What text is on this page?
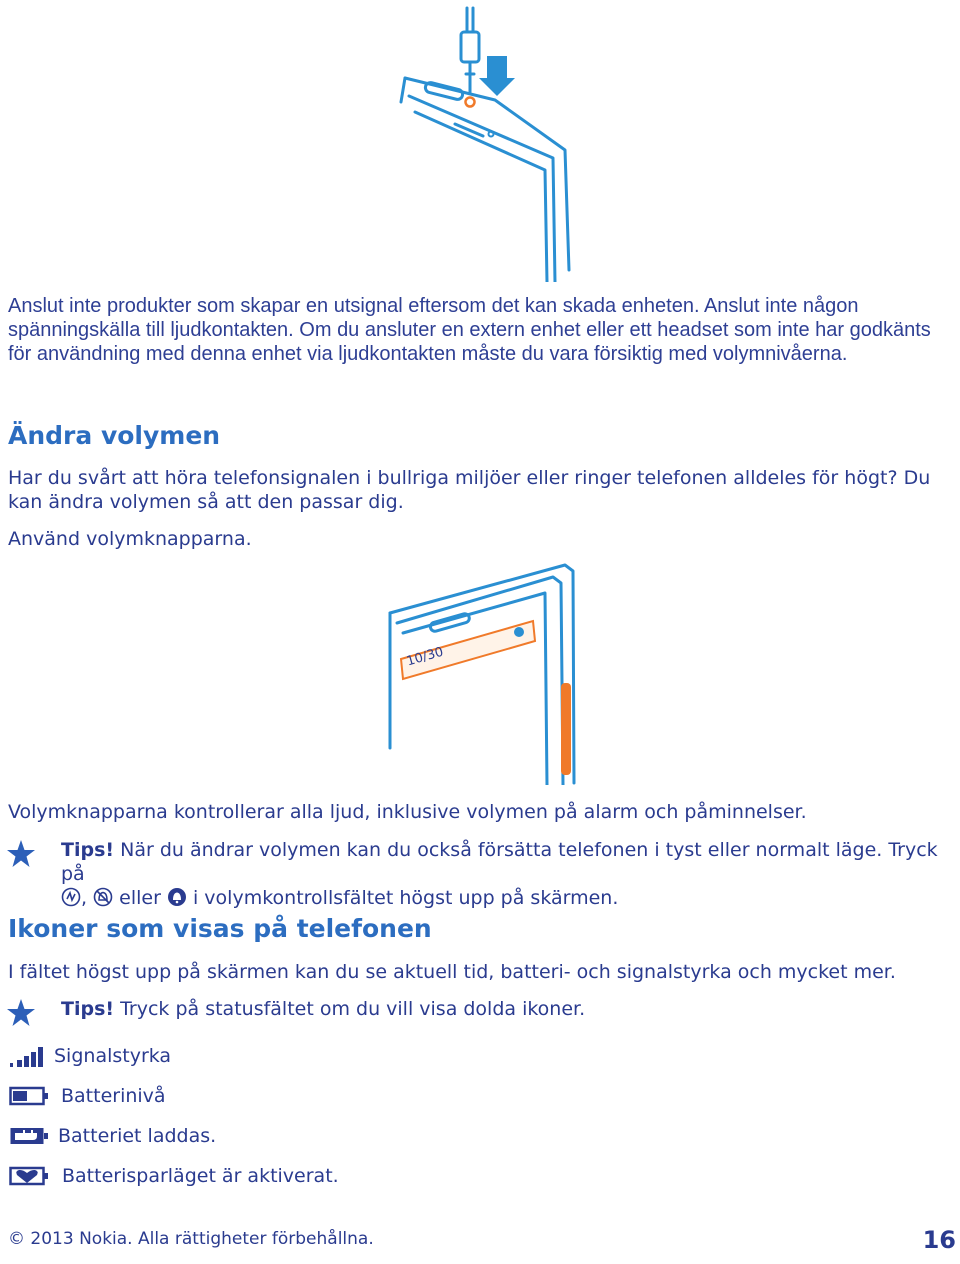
Anslut inte produkter som skapar en utsignal eftersom det kan skada enheten. Anslut inte någon spänningskälla till ljudkontakten. Om du ansluter en extern enhet eller ett headset som inte har godkänts för användning med denna enhet via ljudkontakten måste du vara försiktig med volymnivåerna.
Ändra volymen
Har du svårt att höra telefonsignalen i bullriga miljöer eller ringer telefonen alldeles för högt? Du kan ändra volymen så att den passar dig.
Använd volymknapparna.
10/30
Volymknapparna kontrollerar alla ljud, inklusive volymen på alarm och påminnelser.
Tips! När du ändrar volymen kan du också försätta telefonen i tyst eller normalt läge. Tryck på
, eller i volymkontrollsfältet högst upp på skärmen.
Ikoner som visas på telefonen
I fältet högst upp på skärmen kan du se aktuell tid, batteri- och signalstyrka och mycket mer.
Tips! Tryck på statusfältet om du vill visa dolda ikoner.
Signalstyrka
Batterinivå
Batteriet laddas.
Batterisparläget är aktiverat.
© 2013 Nokia. Alla rättigheter förbehållna.	16
